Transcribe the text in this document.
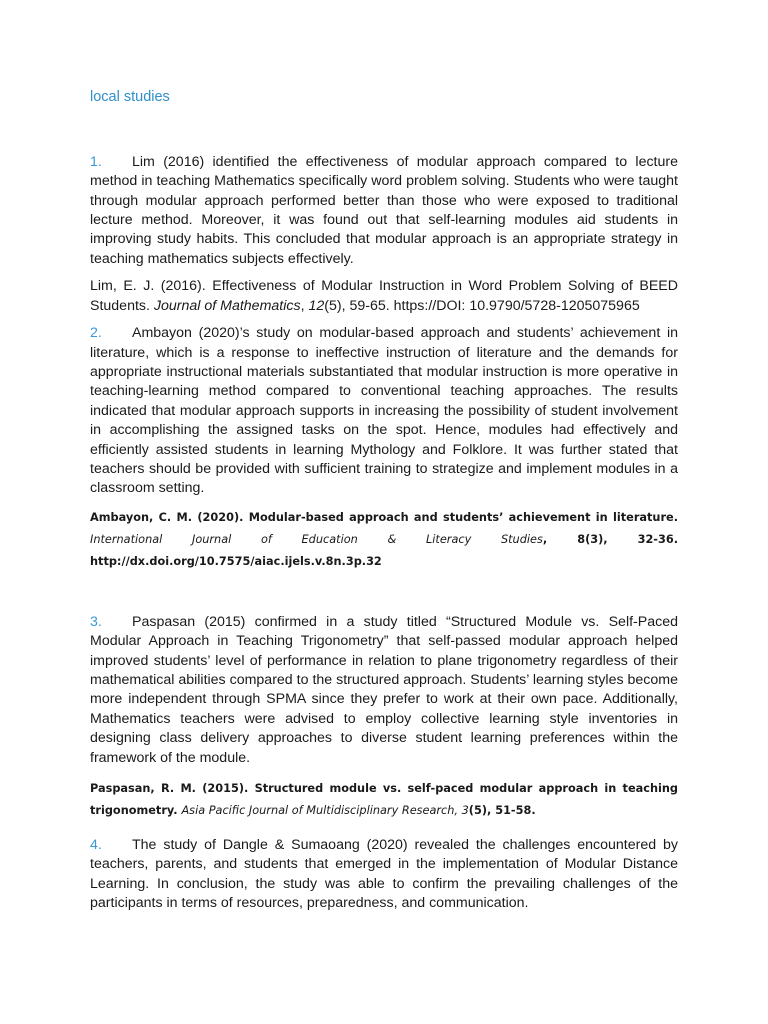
local studies

1. Lim (2016) identified the effectiveness of modular approach compared to lecture method in teaching Mathematics specifically word problem solving. Students who were taught through modular approach performed better than those who were exposed to traditional lecture method. Moreover, it was found out that self-learning modules aid students in improving study habits. This concluded that modular approach is an appropriate strategy in teaching mathematics subjects effectively.

Lim, E. J. (2016). Effectiveness of Modular Instruction in Word Problem Solving of BEED Students. Journal of Mathematics, 12(5), 59-65. https://DOI: 10.9790/5728-1205075965

2. Ambayon (2020)’s study on modular-based approach and students’ achievement in literature, which is a response to ineffective instruction of literature and the demands for appropriate instructional materials substantiated that modular instruction is more operative in teaching-learning method compared to conventional teaching approaches. The results indicated that modular approach supports in increasing the possibility of student involvement in accomplishing the assigned tasks on the spot. Hence, modules had effectively and efficiently assisted students in learning Mythology and Folklore. It was further stated that teachers should be provided with sufficient training to strategize and implement modules in a classroom setting.

Ambayon, C. M. (2020). Modular-based approach and students’ achievement in literature. International Journal of Education & Literacy Studies, 8(3), 32-36. http://dx.doi.org/10.7575/aiac.ijels.v.8n.3p.32

3. Paspasan (2015) confirmed in a study titled “Structured Module vs. Self-Paced Modular Approach in Teaching Trigonometry” that self-passed modular approach helped improved students’ level of performance in relation to plane trigonometry regardless of their mathematical abilities compared to the structured approach. Students’ learning styles become more independent through SPMA since they prefer to work at their own pace. Additionally, Mathematics teachers were advised to employ collective learning style inventories in designing class delivery approaches to diverse student learning preferences within the framework of the module.

Paspasan, R. M. (2015). Structured module vs. self-paced modular approach in teaching trigonometry. Asia Pacific Journal of Multidisciplinary Research, 3(5), 51-58.

4. The study of Dangle & Sumaoang (2020) revealed the challenges encountered by teachers, parents, and students that emerged in the implementation of Modular Distance Learning. In conclusion, the study was able to confirm the prevailing challenges of the participants in terms of resources, preparedness, and communication.
